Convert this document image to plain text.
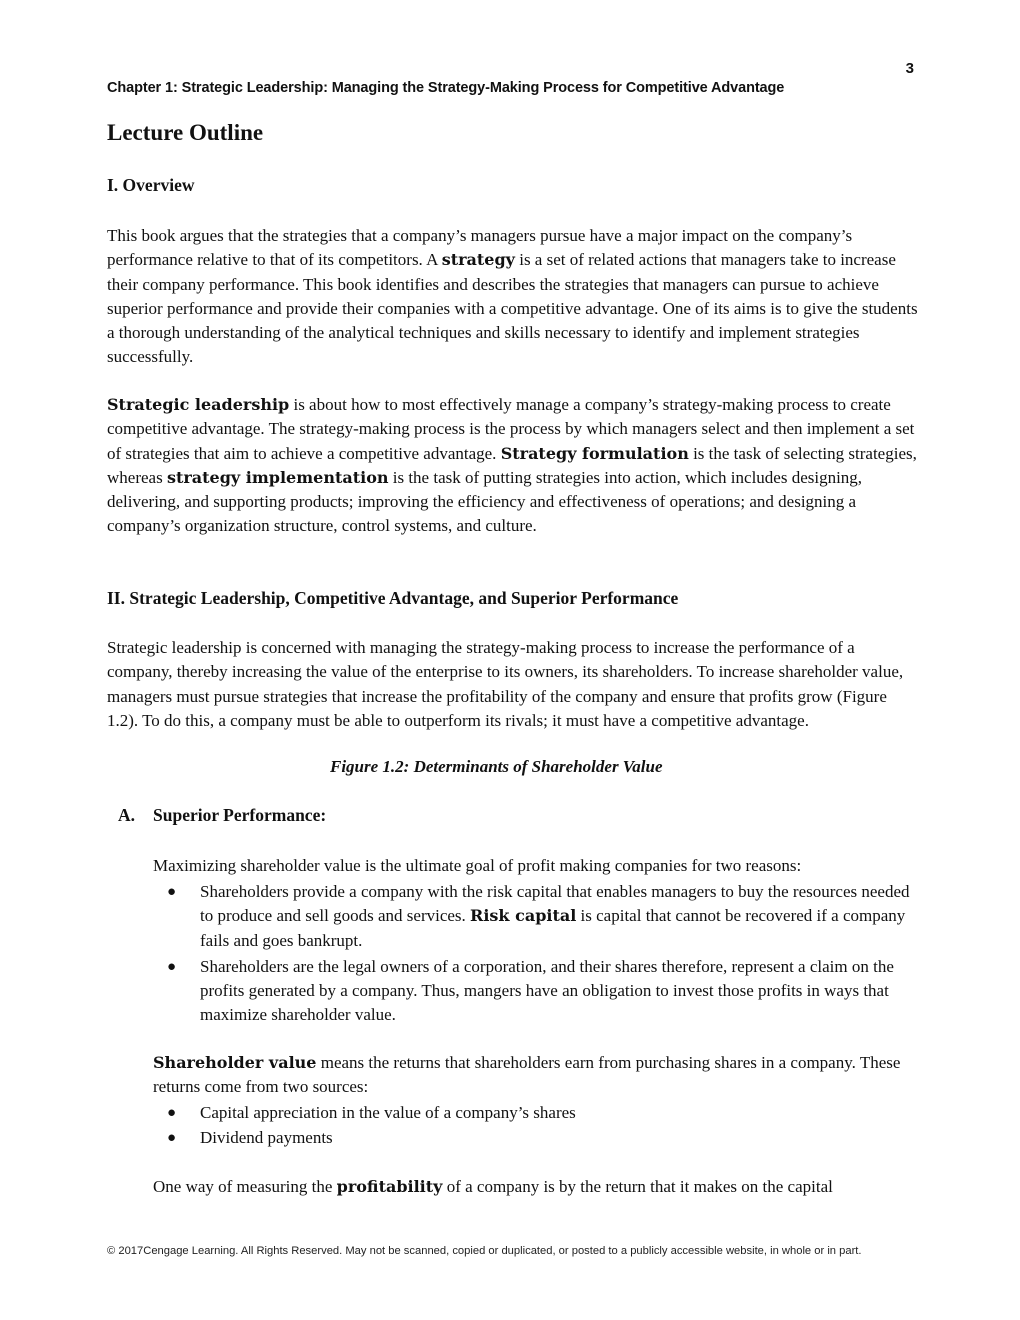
3
Chapter 1: Strategic Leadership: Managing the Strategy-Making Process for Competitive Advantage
Lecture Outline
I. Overview

This book argues that the strategies that a company’s managers pursue have a major impact on the company’s performance relative to that of its competitors. A strategy is a set of related actions that managers take to increase their company performance. This book identifies and describes the strategies that managers can pursue to achieve superior performance and provide their companies with a competitive advantage. One of its aims is to give the students a thorough understanding of the analytical techniques and skills necessary to identify and implement strategies successfully.

Strategic leadership is about how to most effectively manage a company’s strategy-making process to create competitive advantage. The strategy-making process is the process by which managers select and then implement a set of strategies that aim to achieve a competitive advantage. Strategy formulation is the task of selecting strategies, whereas strategy implementation is the task of putting strategies into action, which includes designing, delivering, and supporting products; improving the efficiency and effectiveness of operations; and designing a company’s organization structure, control systems, and culture.

II. Strategic Leadership, Competitive Advantage, and Superior Performance

Strategic leadership is concerned with managing the strategy-making process to increase the performance of a company, thereby increasing the value of the enterprise to its owners, its shareholders. To increase shareholder value, managers must pursue strategies that increase the profitability of the company and ensure that profits grow (Figure 1.2). To do this, a company must be able to outperform its rivals; it must have a competitive advantage.

Figure 1.2: Determinants of Shareholder Value
A. Superior Performance:

Maximizing shareholder value is the ultimate goal of profit making companies for two reasons:

● Shareholders provide a company with the risk capital that enables managers to buy the resources needed to produce and sell goods and services. Risk capital is capital that cannot be recovered if a company fails and goes bankrupt.
● Shareholders are the legal owners of a corporation, and their shares therefore, represent a claim on the profits generated by a company. Thus, mangers have an obligation to invest those profits in ways that maximize shareholder value.

Shareholder value means the returns that shareholders earn from purchasing shares in a company. These returns come from two sources:

● Capital appreciation in the value of a company’s shares
● Dividend payments

One way of measuring the profitability of a company is by the return that it makes on the capital

© 2017Cengage Learning. All Rights Reserved. May not be scanned, copied or duplicated, or posted to a publicly accessible website, in whole or in part.
